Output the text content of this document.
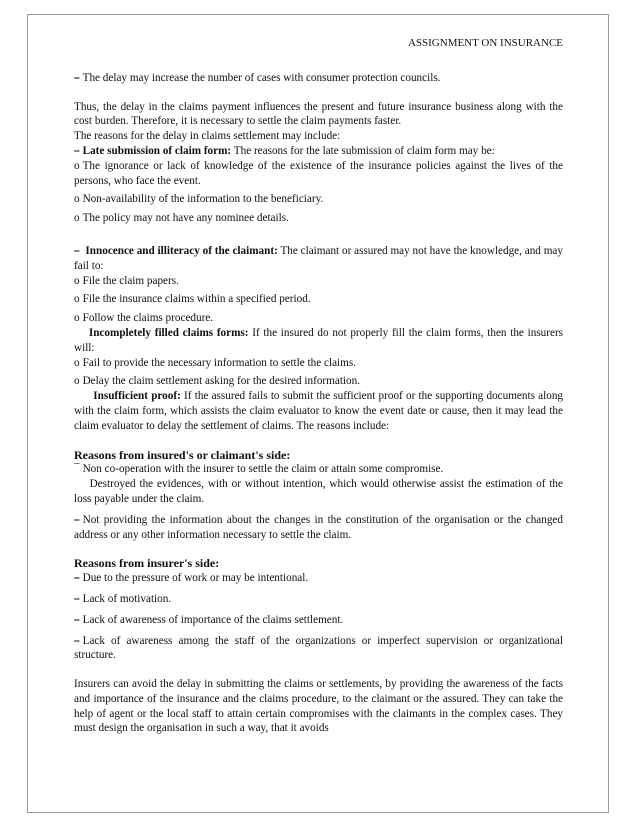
ASSIGNMENT ON INSURANCE

⎯ The delay may increase the number of cases with consumer protection councils.

Thus, the delay in the claims payment influences the present and future insurance business along with the cost burden. Therefore, it is necessary to settle the claim payments faster.

The reasons for the delay in claims settlement may include:

⎯ Late submission of claim form: The reasons for the late submission of claim form may be:

o The ignorance or lack of knowledge of the existence of the insurance policies against the lives of the persons, who face the event.

o Non-availability of the information to the beneficiary.

o The policy may not have any nominee details.

⎯ Innocence and illiteracy of the claimant: The claimant or assured may not have the knowledge, and may fail to:

o File the claim papers.

o File the insurance claims within a specified period.

o Follow the claims procedure.

Incompletely filled claims forms: If the insured do not properly fill the claim forms, then the insurers will:

o Fail to provide the necessary information to settle the claims.

o Delay the claim settlement asking for the desired information.

Insufficient proof: If the assured fails to submit the sufficient proof or the supporting documents along with the claim form, which assists the claim evaluator to know the event date or cause, then it may lead the claim evaluator to delay the settlement of claims. The reasons include:

Reasons from insured's or claimant's side:

¯ Non co-operation with the insurer to settle the claim or attain some compromise.

Destroyed the evidences, with or without intention, which would otherwise assist the estimation of the loss payable under the claim.

⎯ Not providing the information about the changes in the constitution of the organisation or the changed address or any other information necessary to settle the claim.

Reasons from insurer's side:

⎯ Due to the pressure of work or may be intentional.

⎯ Lack of motivation.

⎯ Lack of awareness of importance of the claims settlement.

⎯ Lack of awareness among the staff of the organizations or imperfect supervision or organizational structure.

Insurers can avoid the delay in submitting the claims or settlements, by providing the awareness of the facts and importance of the insurance and the claims procedure, to the claimant or the assured. They can take the help of agent or the local staff to attain certain compromises with the claimants in the complex cases. They must design the organisation in such a way, that it avoids
